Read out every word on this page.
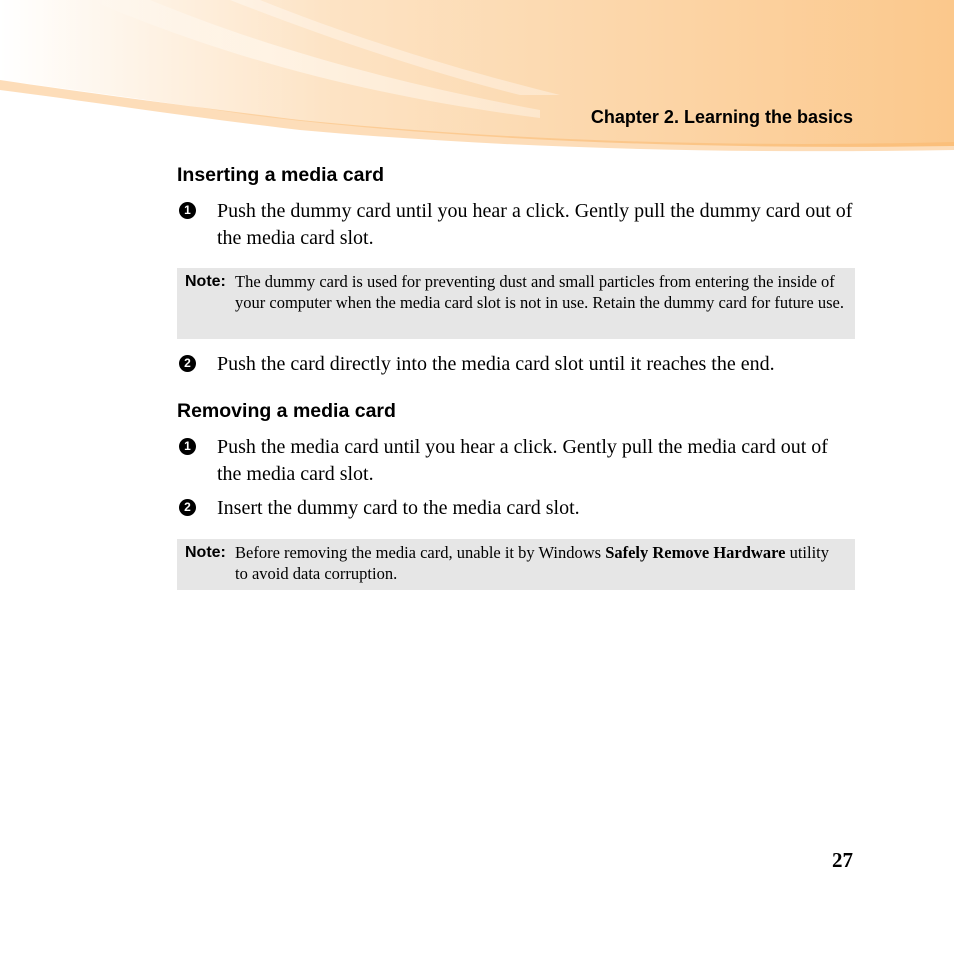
Chapter 2. Learning the basics
Inserting a media card
1 Push the dummy card until you hear a click. Gently pull the dummy card out of the media card slot.
Note: The dummy card is used for preventing dust and small particles from entering the inside of your computer when the media card slot is not in use. Retain the dummy card for future use.
2 Push the card directly into the media card slot until it reaches the end.
Removing a media card
1 Push the media card until you hear a click. Gently pull the media card out of the media card slot.
2 Insert the dummy card to the media card slot.
Note: Before removing the media card, unable it by Windows Safely Remove Hardware utility to avoid data corruption.
27
